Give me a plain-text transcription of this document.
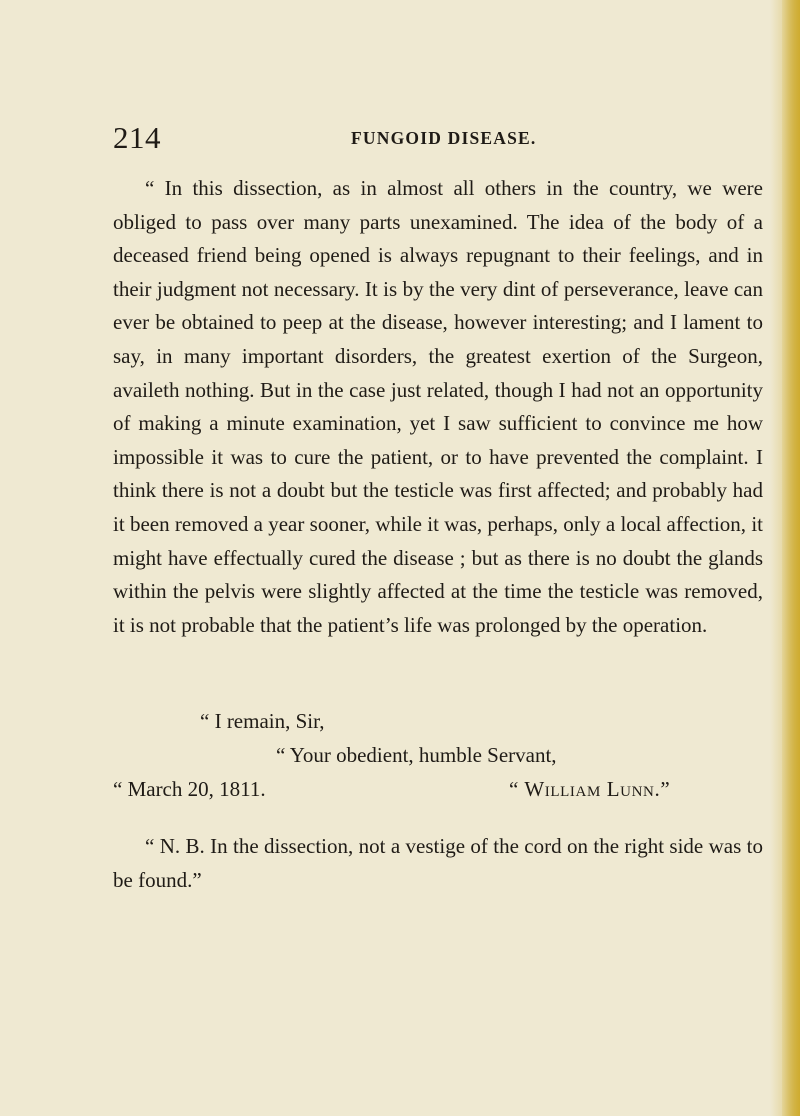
214	FUNGOID DISEASE.

“ In this dissection, as in almost all others in the country, we were obliged to pass over many parts unexamined. The idea of the body of a deceased friend being opened is always repugnant to their feelings, and in their judgment not necessary. It is by the very dint of perseverance, leave can ever be obtained to peep at the disease, however interesting; and I lament to say, in many important disorders, the greatest exertion of the Surgeon, availeth nothing. But in the case just related, though I had not an opportunity of making a minute examination, yet I saw sufficient to convince me how impossible it was to cure the patient, or to have prevented the complaint. I think there is not a doubt but the testicle was first affected; and probably had it been removed a year sooner, while it was, perhaps, only a local affection, it might have effectually cured the disease ; but as there is no doubt the glands within the pelvis were slightly affected at the time the testicle was removed, it is not probable that the patient’s life was prolonged by the operation.

“ I remain, Sir,
“ Your obedient, humble Servant,
“ March 20, 1811.	“ William Lunn.”

“ N. B. In the dissection, not a vestige of the cord on the right side was to be found.”
